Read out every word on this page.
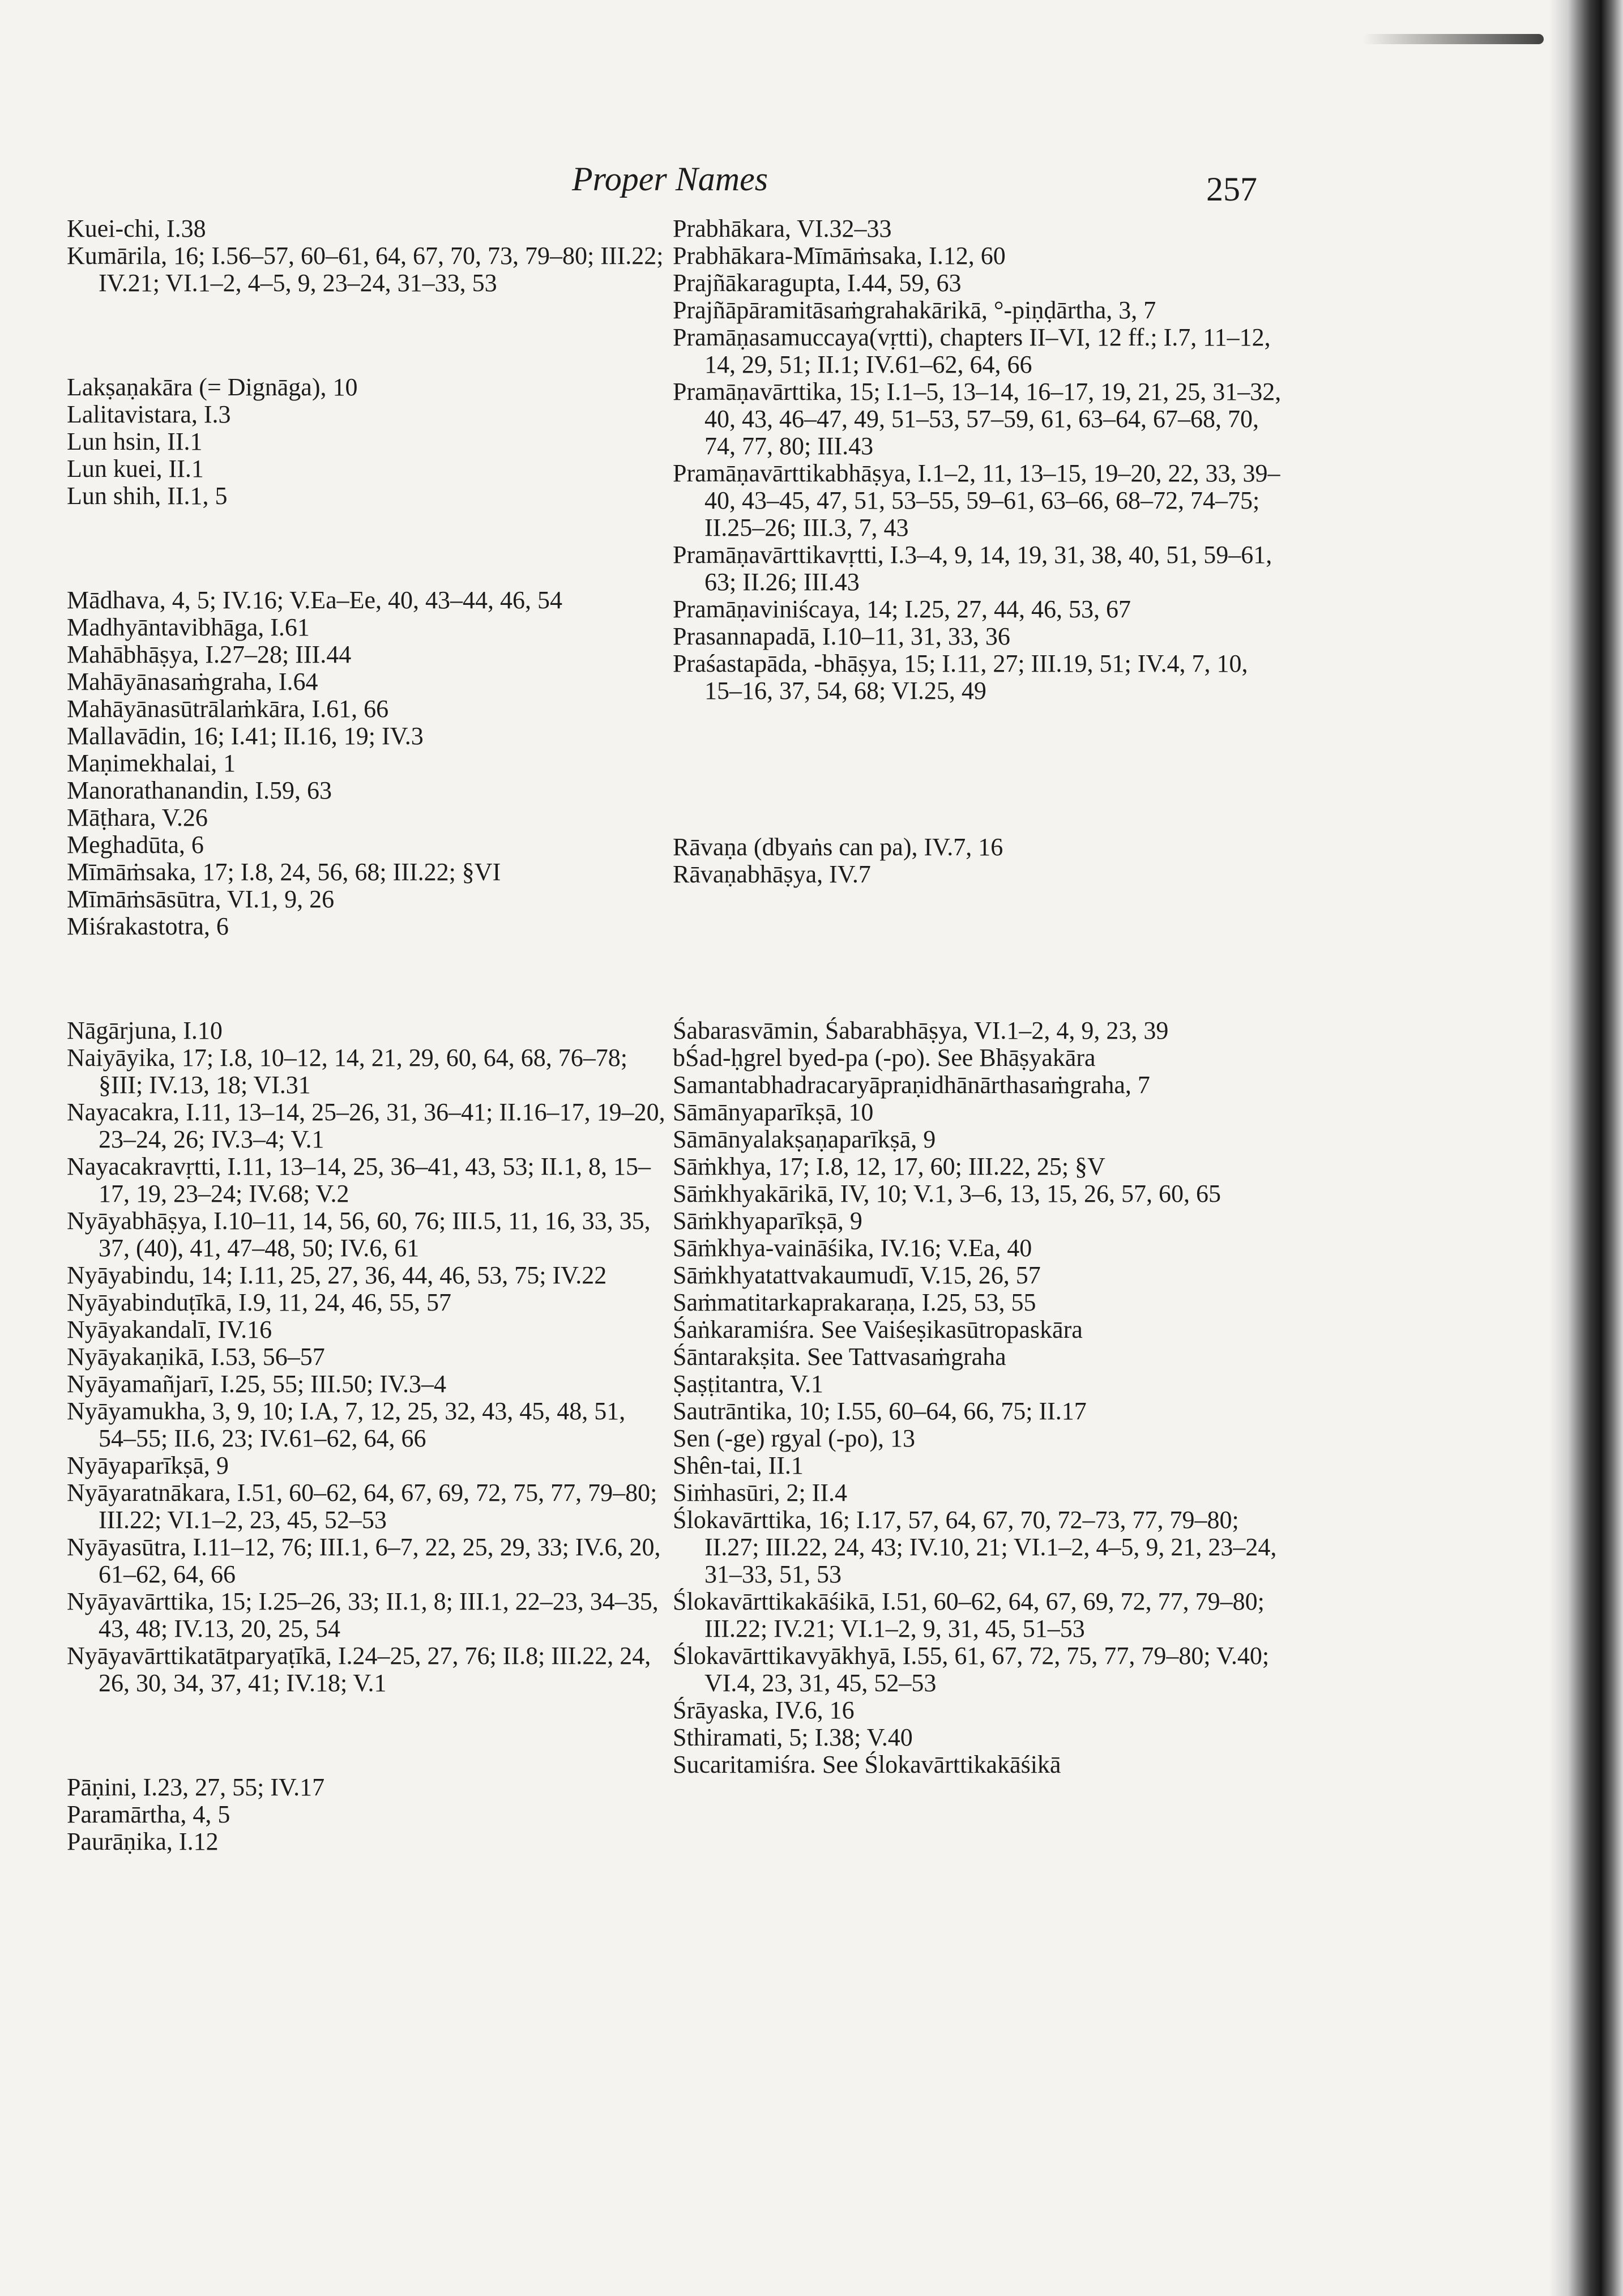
Proper Names	257

Kuei-chi, I.38

Kumārila, 16; I.56–57, 60–61, 64, 67, 70, 73, 79–80; III.22; IV.21; VI.1–2, 4–5, 9, 23–24, 31–33, 53

Lakṣaṇakāra (= Dignāga), 10

Lalitavistara, I.3

Lun hsin, II.1

Lun kuei, II.1

Lun shih, II.1, 5

Mādhava, 4, 5; IV.16; V.Ea–Ee, 40, 43–44, 46, 54

Madhyāntavibhāga, I.61

Mahābhāṣya, I.27–28; III.44

Mahāyānasaṁgraha, I.64

Mahāyānasūtrālaṁkāra, I.61, 66

Mallavādin, 16; I.41; II.16, 19; IV.3

Maṇimekhalai, 1

Manorathanandin, I.59, 63

Māṭhara, V.26

Meghadūta, 6

Mīmāṁsaka, 17; I.8, 24, 56, 68; III.22; §VI

Mīmāṁsāsūtra, VI.1, 9, 26

Miśrakastotra, 6

Nāgārjuna, I.10

Naiyāyika, 17; I.8, 10–12, 14, 21, 29, 60, 64, 68, 76–78; §III; IV.13, 18; VI.31

Nayacakra, I.11, 13–14, 25–26, 31, 36–41; II.16–17, 19–20, 23–24, 26; IV.3–4; V.1

Nayacakravṛtti, I.11, 13–14, 25, 36–41, 43, 53; II.1, 8, 15–17, 19, 23–24; IV.68; V.2

Nyāyabhāṣya, I.10–11, 14, 56, 60, 76; III.5, 11, 16, 33, 35, 37, (40), 41, 47–48, 50; IV.6, 61

Nyāyabindu, 14; I.11, 25, 27, 36, 44, 46, 53, 75; IV.22

Nyāyabinduṭīkā, I.9, 11, 24, 46, 55, 57

Nyāyakandalī, IV.16

Nyāyakaṇikā, I.53, 56–57

Nyāyamañjarī, I.25, 55; III.50; IV.3–4

Nyāyamukha, 3, 9, 10; I.A, 7, 12, 25, 32, 43, 45, 48, 51, 54–55; II.6, 23; IV.61–62, 64, 66

Nyāyaparīkṣā, 9

Nyāyaratnākara, I.51, 60–62, 64, 67, 69, 72, 75, 77, 79–80; III.22; VI.1–2, 23, 45, 52–53

Nyāyasūtra, I.11–12, 76; III.1, 6–7, 22, 25, 29, 33; IV.6, 20, 61–62, 64, 66

Nyāyavārttika, 15; I.25–26, 33; II.1, 8; III.1, 22–23, 34–35, 43, 48; IV.13, 20, 25, 54

Nyāyavārttikatātparyaṭīkā, I.24–25, 27, 76; II.8; III.22, 24, 26, 30, 34, 37, 41; IV.18; V.1

Pāṇini, I.23, 27, 55; IV.17

Paramārtha, 4, 5

Paurāṇika, I.12

Prabhākara, VI.32–33

Prabhākara-Mīmāṁsaka, I.12, 60

Prajñākaragupta, I.44, 59, 63

Prajñāpāramitāsaṁgrahakārikā, °-piṇḍārtha, 3, 7

Pramāṇasamuccaya(vṛtti), chapters II–VI, 12 ff.; I.7, 11–12, 14, 29, 51; II.1; IV.61–62, 64, 66

Pramāṇavārttika, 15; I.1–5, 13–14, 16–17, 19, 21, 25, 31–32, 40, 43, 46–47, 49, 51–53, 57–59, 61, 63–64, 67–68, 70, 74, 77, 80; III.43

Pramāṇavārttikabhāṣya, I.1–2, 11, 13–15, 19–20, 22, 33, 39–40, 43–45, 47, 51, 53–55, 59–61, 63–66, 68–72, 74–75; II.25–26; III.3, 7, 43

Pramāṇavārttikavṛtti, I.3–4, 9, 14, 19, 31, 38, 40, 51, 59–61, 63; II.26; III.43

Pramāṇaviniścaya, 14; I.25, 27, 44, 46, 53, 67

Prasannapadā, I.10–11, 31, 33, 36

Praśastapāda, -bhāṣya, 15; I.11, 27; III.19, 51; IV.4, 7, 10, 15–16, 37, 54, 68; VI.25, 49

Rāvaṇa (dbyaṅs can pa), IV.7, 16

Rāvaṇabhāṣya, IV.7

Śabarasvāmin, Śabarabhāṣya, VI.1–2, 4, 9, 23, 39

bŚad-ḥgrel byed-pa (-po). See Bhāṣyakāra

Samantabhadracaryāpraṇidhānārthasaṁgraha, 7

Sāmānyaparīkṣā, 10

Sāmānyalakṣaṇaparīkṣā, 9

Sāṁkhya, 17; I.8, 12, 17, 60; III.22, 25; §V

Sāṁkhyakārikā, IV, 10; V.1, 3–6, 13, 15, 26, 57, 60, 65

Sāṁkhyaparīkṣā, 9

Sāṁkhya-vaināśika, IV.16; V.Ea, 40

Sāṁkhyatattvakaumudī, V.15, 26, 57

Saṁmatitarkaprakaraṇa, I.25, 53, 55

Śaṅkaramiśra. See Vaiśeṣikasūtropaskāra

Śāntarakṣita. See Tattvasaṁgraha

Ṣaṣṭitantra, V.1

Sautrāntika, 10; I.55, 60–64, 66, 75; II.17

Sen (-ge) rgyal (-po), 13

Shên-tai, II.1

Siṁhasūri, 2; II.4

Ślokavārttika, 16; I.17, 57, 64, 67, 70, 72–73, 77, 79–80; II.27; III.22, 24, 43; IV.10, 21; VI.1–2, 4–5, 9, 21, 23–24, 31–33, 51, 53

Ślokavārttikakāśikā, I.51, 60–62, 64, 67, 69, 72, 77, 79–80; III.22; IV.21; VI.1–2, 9, 31, 45, 51–53

Ślokavārttikavyākhyā, I.55, 61, 67, 72, 75, 77, 79–80; V.40; VI.4, 23, 31, 45, 52–53

Śrāyaska, IV.6, 16

Sthiramati, 5; I.38; V.40

Sucaritamiśra. See Ślokavārttikakāśikā
